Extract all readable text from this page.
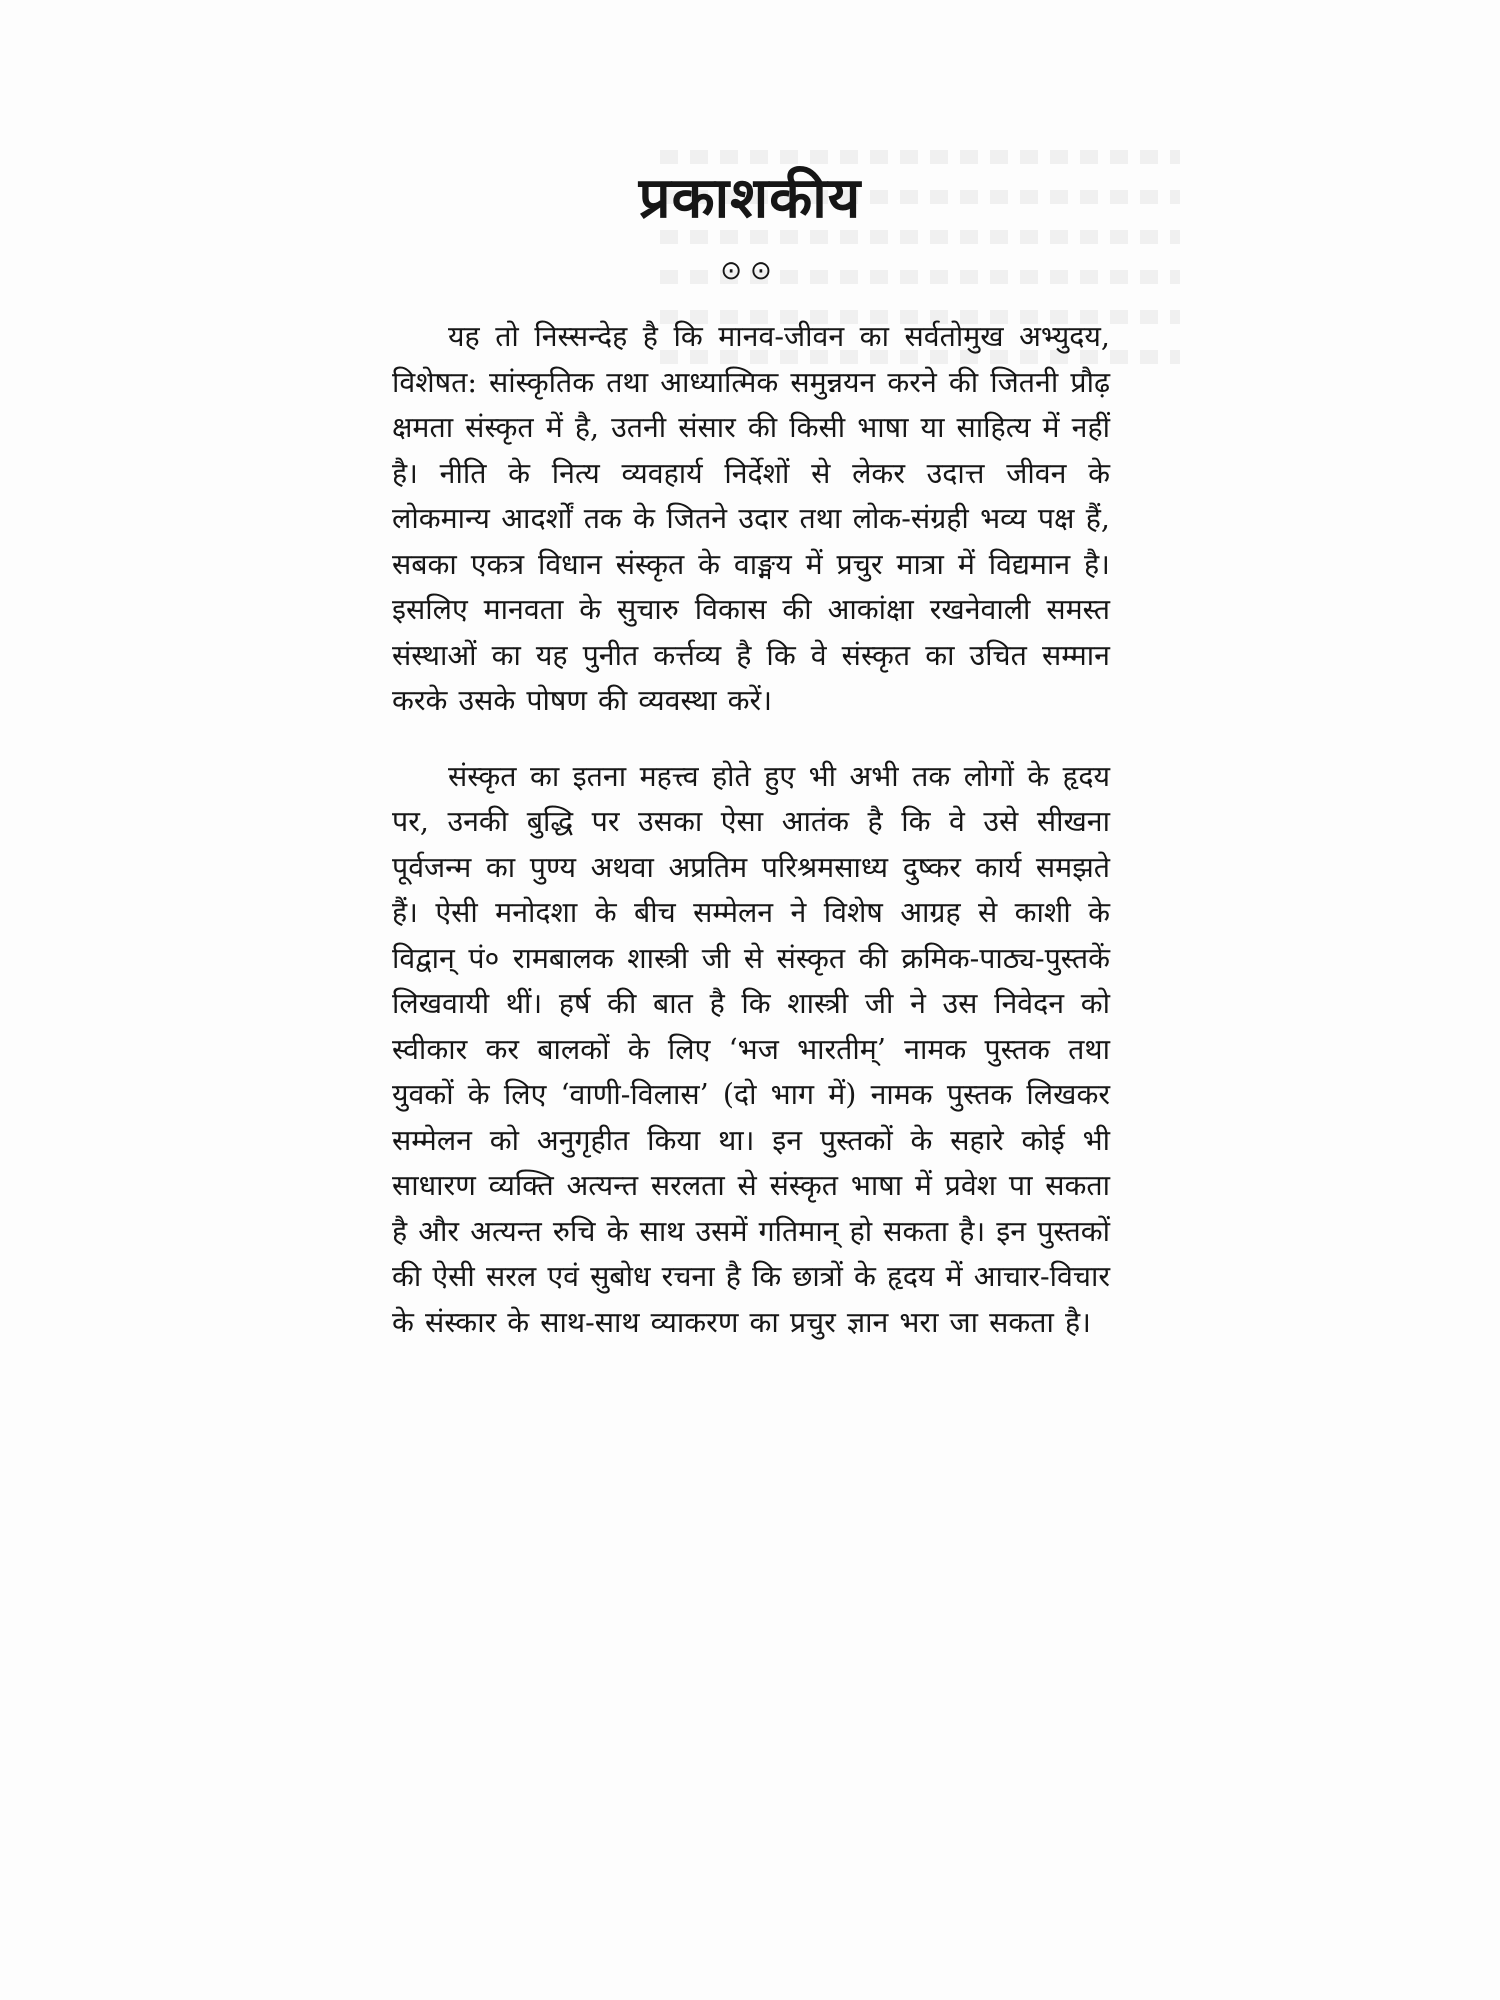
प्रकाशकीय
⊙⊙

यह तो निस्सन्देह है कि मानव-जीवन का सर्वतोमुख अभ्युदय, विशेषत: सांस्कृतिक तथा आध्यात्मिक समुन्नयन करने की जितनी प्रौढ़ क्षमता संस्कृत में है, उतनी संसार की किसी भाषा या साहित्य में नहीं है। नीति के नित्य व्यवहार्य निर्देशों से लेकर उदात्त जीवन के लोकमान्य आदर्शों तक के जितने उदार तथा लोक-संग्रही भव्य पक्ष हैं, सबका एकत्र विधान संस्कृत के वाङ्मय में प्रचुर मात्रा में विद्यमान है। इसलिए मानवता के सुचारु विकास की आकांक्षा रखनेवाली समस्त संस्थाओं का यह पुनीत कर्त्तव्य है कि वे संस्कृत का उचित सम्मान करके उसके पोषण की व्यवस्था करें।

संस्कृत का इतना महत्त्व होते हुए भी अभी तक लोगों के हृदय पर, उनकी बुद्धि पर उसका ऐसा आतंक है कि वे उसे सीखना पूर्वजन्म का पुण्य अथवा अप्रतिम परिश्रमसाध्य दुष्कर कार्य समझते हैं। ऐसी मनोदशा के बीच सम्मेलन ने विशेष आग्रह से काशी के विद्वान् पं० रामबालक शास्त्री जी से संस्कृत की क्रमिक-पाठ्य-पुस्तकें लिखवायी थीं। हर्ष की बात है कि शास्त्री जी ने उस निवेदन को स्वीकार कर बालकों के लिए ‘भज भारतीम्’ नामक पुस्तक तथा युवकों के लिए ‘वाणी-विलास’ (दो भाग में) नामक पुस्तक लिखकर सम्मेलन को अनुगृहीत किया था। इन पुस्तकों के सहारे कोई भी साधारण व्यक्ति अत्यन्त सरलता से संस्कृत भाषा में प्रवेश पा सकता है और अत्यन्त रुचि के साथ उसमें गतिमान् हो सकता है। इन पुस्तकों की ऐसी सरल एवं सुबोध रचना है कि छात्रों के हृदय में आचार-विचार के संस्कार के साथ-साथ व्याकरण का प्रचुर ज्ञान भरा जा सकता है।
